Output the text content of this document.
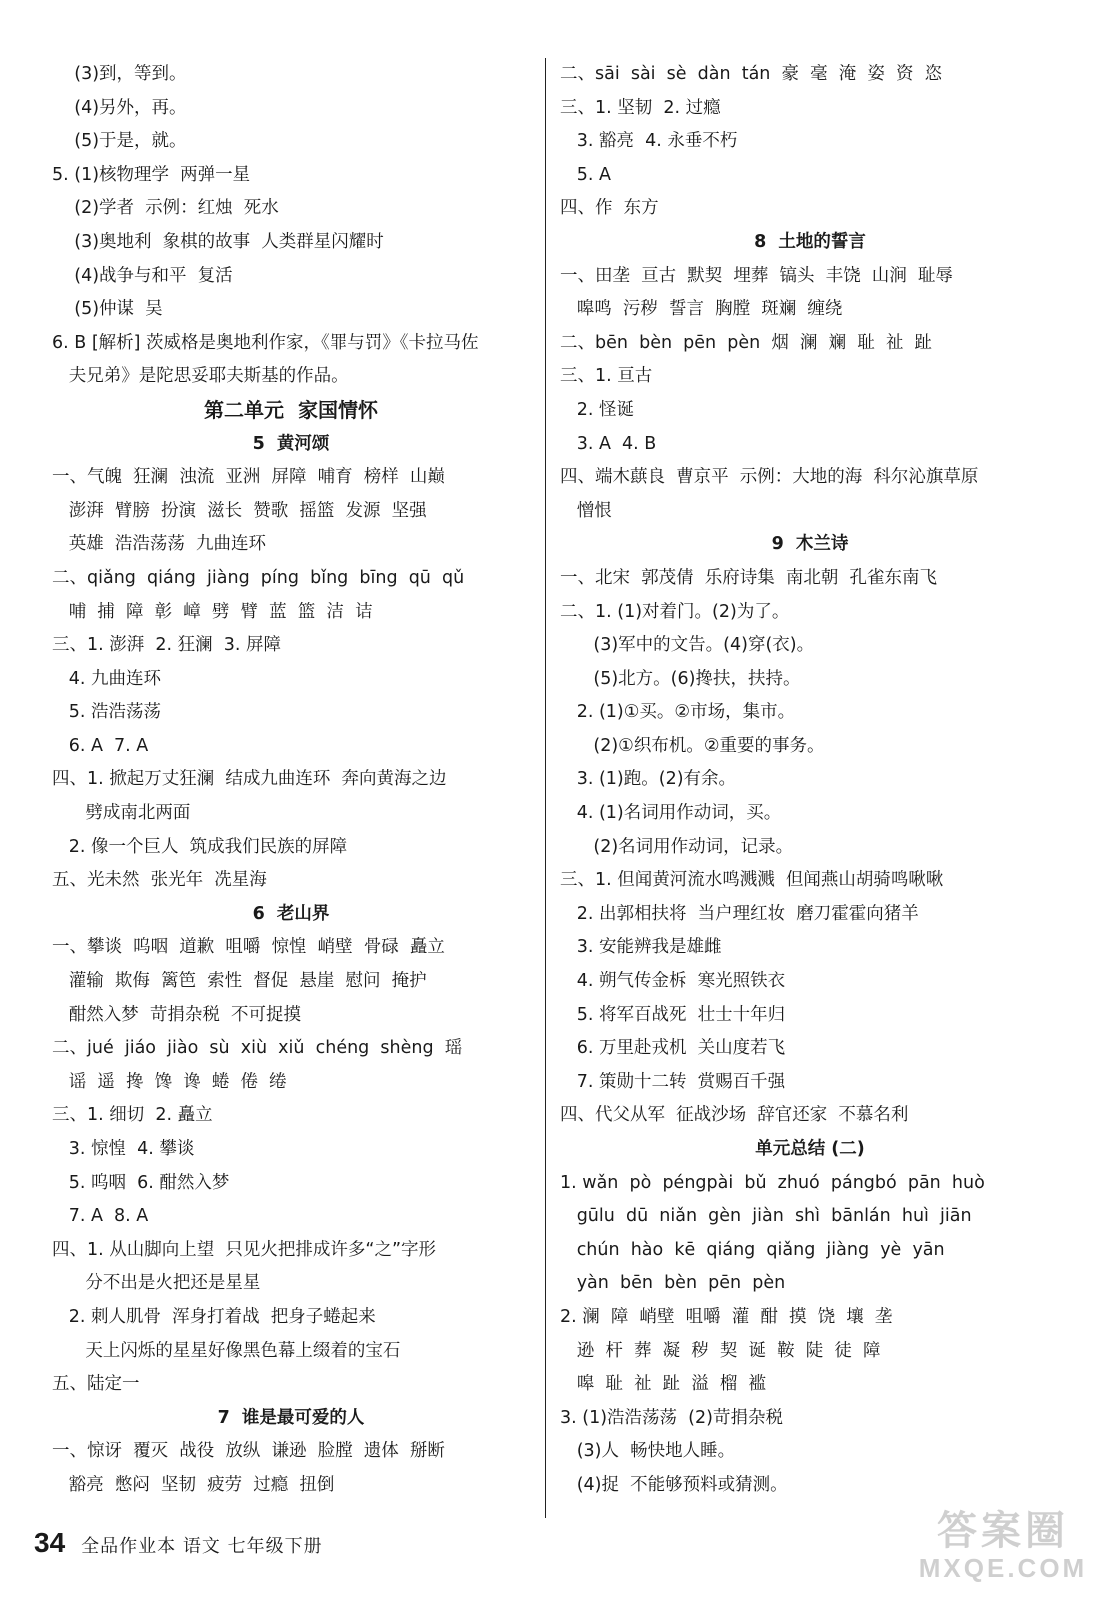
(3)到，等到。
(4)另外，再。
(5)于是，就。
5. (1)核物理学  两弹一星
(2)学者  示例：红烛  死水
(3)奥地利  象棋的故事  人类群星闪耀时
(4)战争与和平  复活
(5)仲谋  吴
6. B [解析] 茨威格是奥地利作家，《罪与罚》《卡拉马佐
夫兄弟》是陀思妥耶夫斯基的作品。
第二单元  家国情怀
5  黄河颂
一、气魄  狂澜  浊流  亚洲  屏障  哺育  榜样  山巅
澎湃  臂膀  扮演  滋长  赞歌  摇篮  发源  坚强
英雄  浩浩荡荡  九曲连环
二、qiǎng  qiáng  jiàng  píng  bǐng  bīng  qū  qǔ
哺  捕  障  彰  嶂  劈  臂  蓝  篮  洁  诘
三、1. 澎湃  2. 狂澜  3. 屏障
4. 九曲连环
5. 浩浩荡荡
6. A  7. A
四、1. 掀起万丈狂澜  结成九曲连环  奔向黄海之边
劈成南北两面
2. 像一个巨人  筑成我们民族的屏障
五、光未然  张光年  冼星海
6  老山界
一、攀谈  呜咽  道歉  咀嚼  惊惶  峭壁  骨碌  矗立
灌输  欺侮  篱笆  索性  督促  悬崖  慰问  掩护
酣然入梦  苛捐杂税  不可捉摸
二、jué  jiáo  jiào  sù  xiù  xiǔ  chéng  shèng  瑶
谣  遥  搀  馋  谗  蜷  倦  绻
三、1. 细切  2. 矗立
3. 惊惶  4. 攀谈
5. 呜咽  6. 酣然入梦
7. A  8. A
四、1. 从山脚向上望  只见火把排成许多“之”字形
分不出是火把还是星星
2. 刺人肌骨  浑身打着战  把身子蜷起来
天上闪烁的星星好像黑色幕上缀着的宝石
五、陆定一
7  谁是最可爱的人
一、惊讶  覆灭  战役  放纵  谦逊  脸膛  遗体  掰断
豁亮  憋闷  坚韧  疲劳  过瘾  扭倒
二、sāi  sài  sè  dàn  tán  豪  毫  淹  姿  资  恣
三、1. 坚韧  2. 过瘾
3. 豁亮  4. 永垂不朽
5. A
四、作  东方
8  土地的誓言
一、田垄  亘古  默契  埋葬  镐头  丰饶  山涧  耻辱
嗥鸣  污秽  誓言  胸膛  斑斓  缠绕
二、bēn  bèn  pēn  pèn  烟  澜  斓  耻  祉  趾
三、1. 亘古
2. 怪诞
3. A  4. B
四、端木蕻良  曹京平  示例：大地的海  科尔沁旗草原
憎恨
9  木兰诗
一、北宋  郭茂倩  乐府诗集  南北朝  孔雀东南飞
二、1. (1)对着门。(2)为了。
(3)军中的文告。(4)穿(衣)。
(5)北方。(6)搀扶，扶持。
2. (1)①买。②市场，集市。
(2)①织布机。②重要的事务。
3. (1)跑。(2)有余。
4. (1)名词用作动词，买。
(2)名词用作动词，记录。
三、1. 但闻黄河流水鸣溅溅  但闻燕山胡骑鸣啾啾
2. 出郭相扶将  当户理红妆  磨刀霍霍向猪羊
3. 安能辨我是雄雌
4. 朔气传金柝  寒光照铁衣
5. 将军百战死  壮士十年归
6. 万里赴戎机  关山度若飞
7. 策勋十二转  赏赐百千强
四、代父从军  征战沙场  辞官还家  不慕名利
单元总结 (二)
1. wǎn  pò  péngpài  bǔ  zhuó  pángbó  pān  huò
gūlu  dū  niǎn  gèn  jiàn  shì  bānlán  huì  jiān
chún  hào  kē  qiáng  qiǎng  jiàng  yè  yān
yàn  bēn  bèn  pēn  pèn
2. 澜  障  峭壁  咀嚼  灌  酣  摸  饶  壤  垄
逊  杆  葬  凝  秽  契  诞  鞍  陡  徒  障
嗥  耻  祉  趾  溢  榴  褴
3. (1)浩浩荡荡  (2)苛捐杂税
(3)人  畅快地人睡。
(4)捉  不能够预料或猜测。
34 全品作业本 语文 七年级下册	答案圈
MXQE.COM
